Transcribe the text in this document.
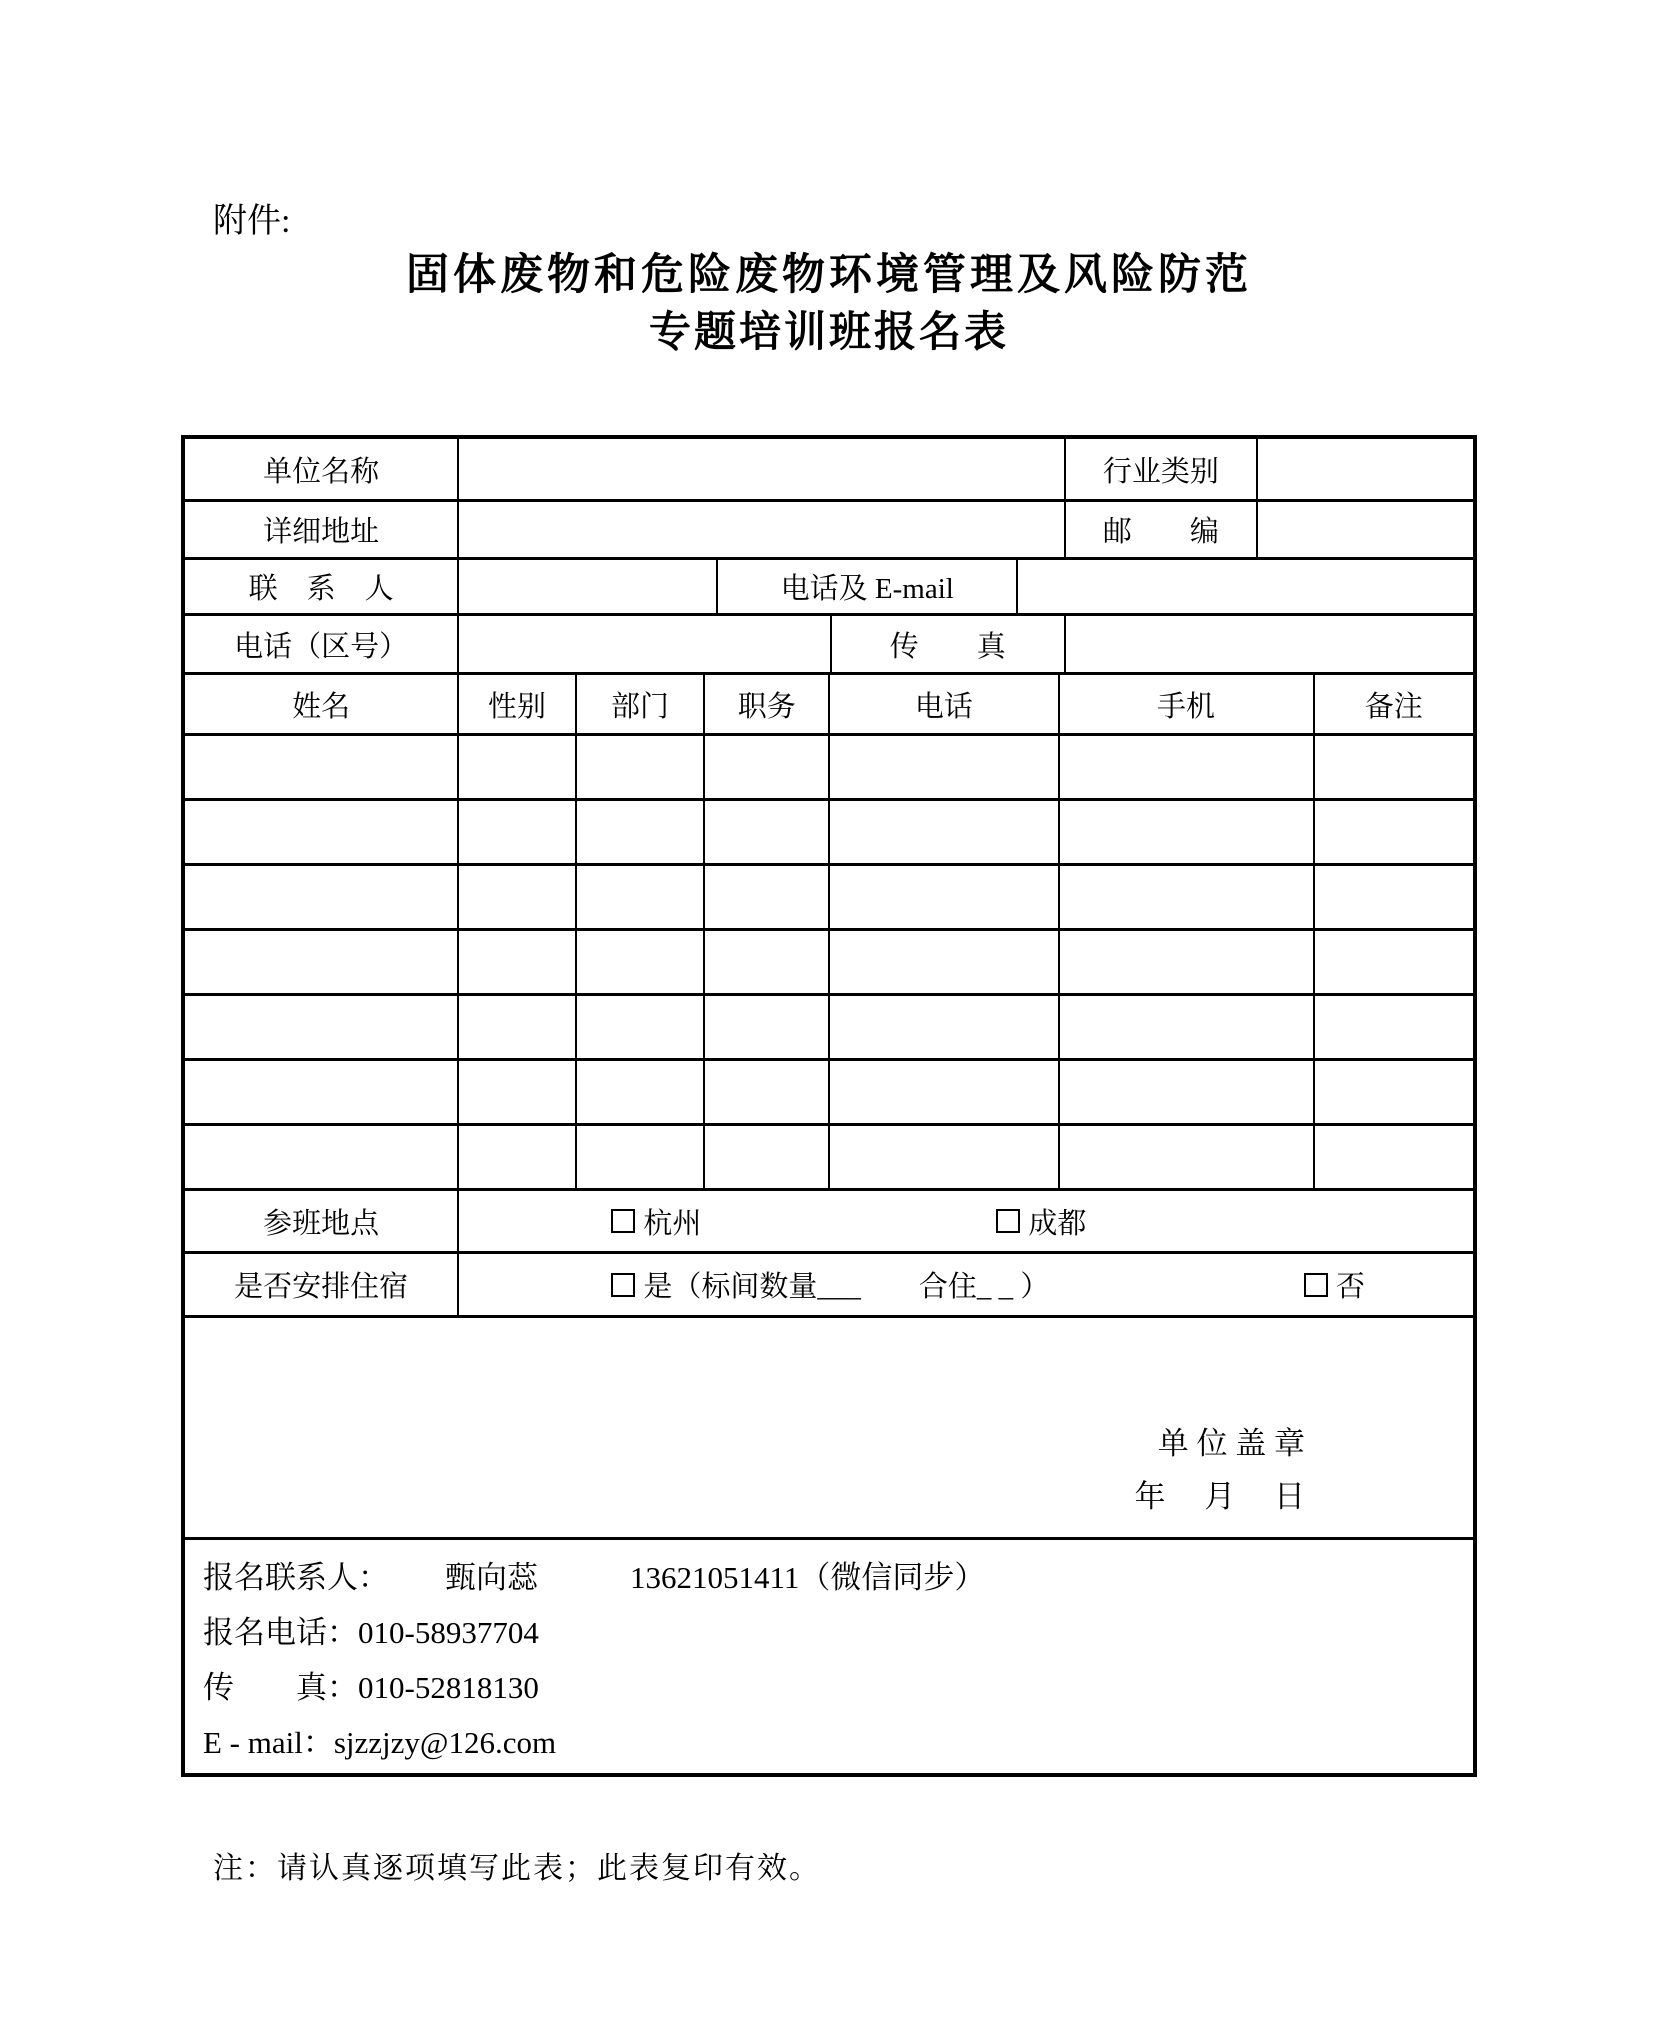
附件:
固体废物和危险废物环境管理及风险防范
专题培训班报名表
单位名称	行业类别
详细地址	邮　　编
联　系　人	电话及 E-mail
电话（区号）	传　　真
姓名	性别	部门	职务	电话	手机	备注
参班地点	杭州	成都
是否安排住宿	是（标间数量___　　合住_ _ ）	否
单 位 盖 章
年　 月　 日
报名联系人： 甄向蕊	13621051411（微信同步）
报名电话：010-58937704
传　　真：010-52818130
E - mail：sjzzjzy@126.com
注：请认真逐项填写此表；此表复印有效。
